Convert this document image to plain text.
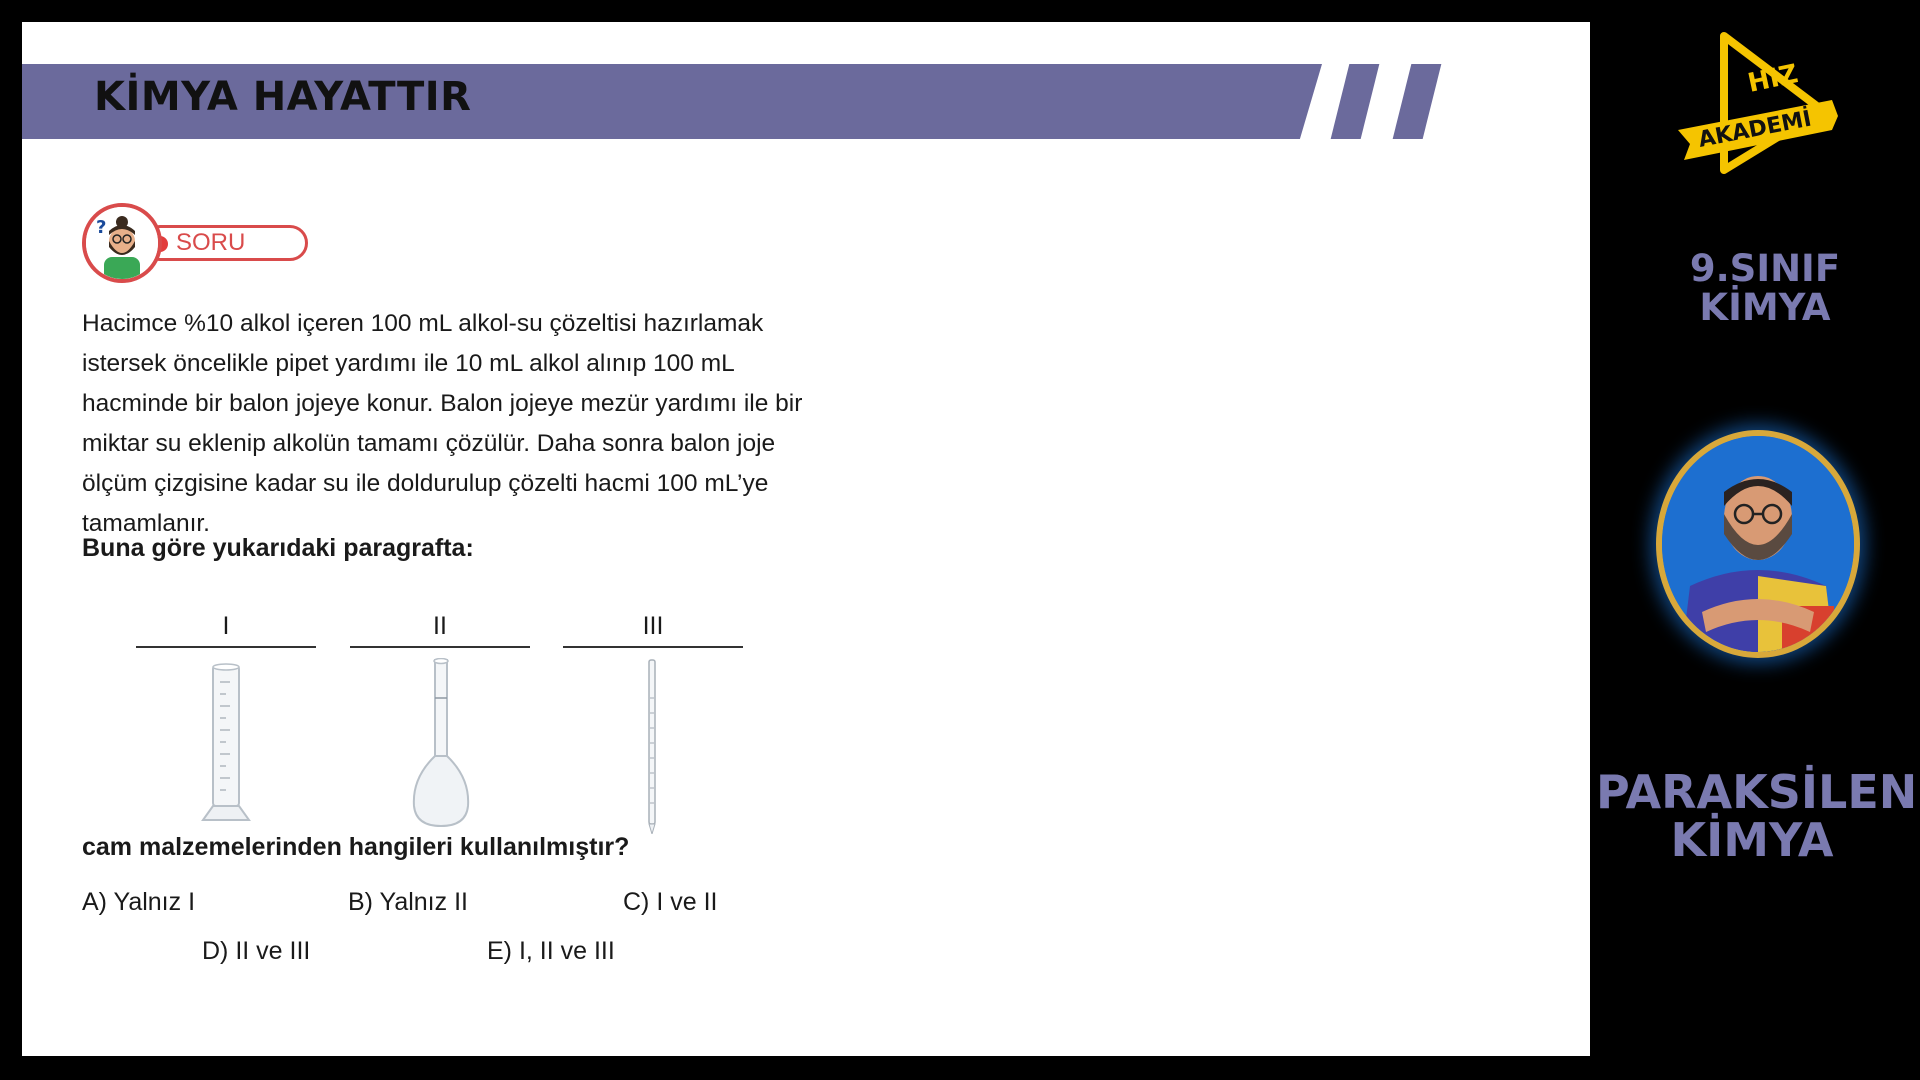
KİMYA HAYATTIR
SORU
?
Hacimce %10 alkol içeren 100 mL alkol-su çözeltisi hazırlamak
istersek öncelikle pipet yardımı ile 10 mL alkol alınıp 100 mL
hacminde bir balon jojeye konur. Balon jojeye mezür yardımı ile bir
miktar su eklenip alkolün tamamı çözülür. Daha sonra balon joje
ölçüm çizgisine kadar su ile doldurulup çözelti hacmi 100 mL’ye
tamamlanır.
Buna göre yukarıdaki paragrafta:
I	II	III
cam malzemelerinden hangileri kullanılmıştır?
A) Yalnız I	B) Yalnız II	C) I ve II
D) II ve III	E) I, II ve III
HIZ
AKADEMİ
9.SINIF
KİMYA
PARAKSİLEN
KİMYA
